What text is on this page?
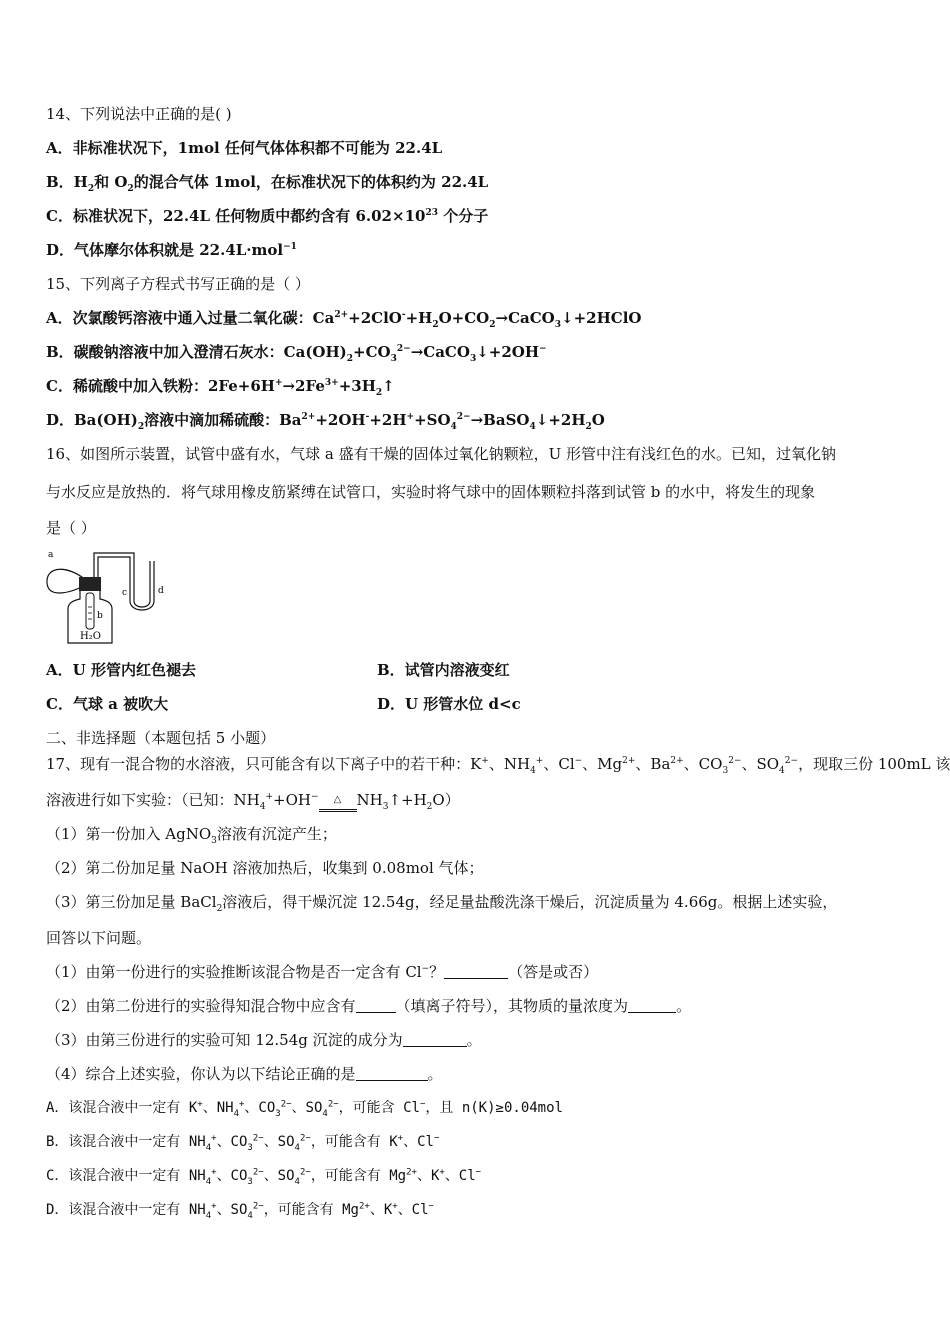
14、下列说法中正确的是( )
A．非标准状况下，1mol 任何气体体积都不可能为 22.4L
B．$H_2$和 $O_2$的混合气体 1mol，在标准状况下的体积约为 22.4L
C．标准状况下，22.4L 任何物质中都约含有 $6.02\times 10^{23}$ 个分子
D．气体摩尔体积就是 22.4L·mol$^{-1}$
15、下列离子方程式书写正确的是（ ）
A．次氯酸钙溶液中通入过量二氧化碳：$Ca^{2+}+2ClO^-+H_2O+CO_2\to CaCO_3↓+2HClO$
B．碳酸钠溶液中加入澄清石灰水：$Ca(OH)_2+CO_3^{2-}\to CaCO_3↓+2OH^-$
C．稀硫酸中加入铁粉：$2Fe+6H^+\to 2Fe^{3+}+3H_2↑$
D．$Ba(OH)_2$溶液中滴加稀硫酸：$Ba^{2+}+2OH^-+2H^++SO_4^{2-}\to BaSO_4↓+2H_2O$
16、如图所示装置，试管中盛有水，气球 a 盛有干燥的固体过氧化钠颗粒，U 形管中注有浅红色的水。已知，过氧化钠
与水反应是放热的．将气球用橡皮筋紧缚在试管口，实验时将气球中的固体颗粒抖落到试管 b 的水中，将发生的现象
是（ ）
a
b
H₂O
c	d
A．U 形管内红色褪去	B．试管内溶液变红
C．气球 a 被吹大	D．U 形管水位 d<c
二、非选择题（本题包括 5 小题）
17、现有一混合物的水溶液，只可能含有以下离子中的若干种：K+、$NH_4^+$、Cl−、$Mg^{2+}$、$Ba^{2+}$、$CO_3^{2-}$、$SO_4^{2-}$，现取三份 100mL 该
溶液进行如下实验：（已知：$NH_4^++OH^-$ △ $NH_3↑+H_2O$）
（1）第一份加入 AgNO$_3$溶液有沉淀产生；
（2）第二份加足量 NaOH 溶液加热后，收集到 0.08mol 气体；
（3）第三份加足量 BaCl$_2$溶液后，得干燥沉淀 12.54g，经足量盐酸洗涤干燥后，沉淀质量为 4.66g。根据上述实验，
回答以下问题。
（1）由第一份进行的实验推断该混合物是否一定含有 Cl−？	（答是或否）
（2）由第二份进行的实验得知混合物中应含有	（填离子符号），其物质的量浓度为	。
（3）由第三份进行的实验可知 12.54g 沉淀的成分为	。
（4）综合上述实验，你认为以下结论正确的是	。
A．该混合液中一定有 K+、$NH_4^+$、$CO_3^{2-}$、$SO_4^{2-}$，可能含 Cl−，且 n(K)≥0.04mol
B．该混合液中一定有 $NH_4^+$、$CO_3^{2-}$、$SO_4^{2-}$，可能含有 K+、Cl−
C．该混合液中一定有 $NH_4^+$、$CO_3^{2-}$、$SO_4^{2-}$，可能含有 $Mg^{2+}$、K+、Cl−
D．该混合液中一定有 $NH_4^+$、$SO_4^{2-}$，可能含有 $Mg^{2+}$、K+、Cl−
